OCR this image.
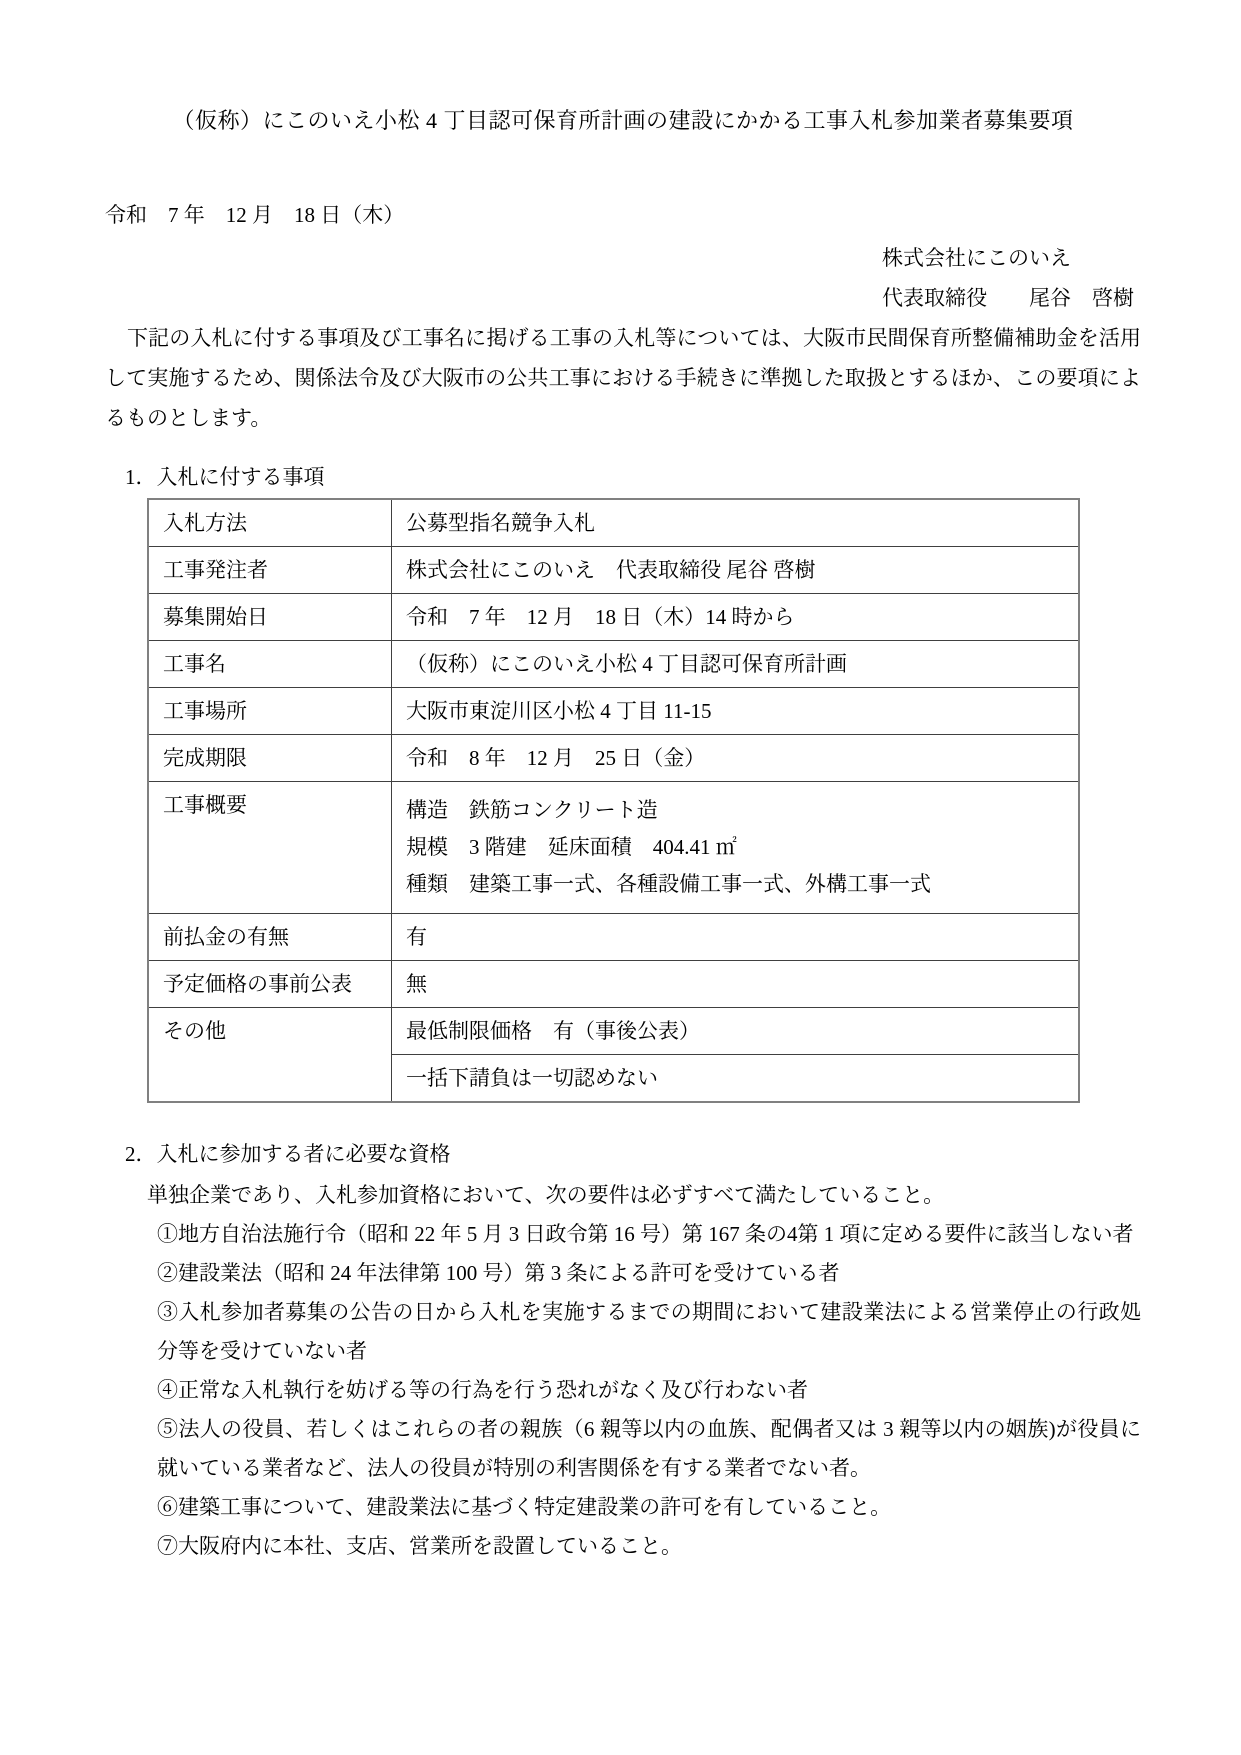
（仮称）にこのいえ小松 4 丁目認可保育所計画の建設にかかる工事入札参加業者募集要項
令和　7 年　12 月　18 日（木）
株式会社にこのいえ
代表取締役　　尾谷　啓樹
下記の入札に付する事項及び工事名に掲げる工事の入札等については、大阪市民間保育所整備補助金を活用して実施するため、関係法令及び大阪市の公共工事における手続きに準拠した取扱とするほか、この要項によるものとします。
1．入札に付する事項
入札方法	公募型指名競争入札
工事発注者	株式会社にこのいえ　代表取締役 尾谷 啓樹
募集開始日	令和　7 年　12 月　18 日（木）14 時から
工事名	（仮称）にこのいえ小松 4 丁目認可保育所計画
工事場所	大阪市東淀川区小松 4 丁目 11-15
完成期限	令和　8 年　12 月　25 日（金）
工事概要	構造　鉄筋コンクリート造
規模　3 階建　延床面積　404.41 ㎡
種類　建築工事一式、各種設備工事一式、外構工事一式

前払金の有無	有
予定価格の事前公表	無
その他	最低制限価格　有（事後公表）
	一括下請負は一切認めない
2．入札に参加する者に必要な資格
単独企業であり、入札参加資格において、次の要件は必ずすべて満たしていること。
①地方自治法施行令（昭和 22 年 5 月 3 日政令第 16 号）第 167 条の4第 1 項に定める要件に該当しない者
②建設業法（昭和 24 年法律第 100 号）第 3 条による許可を受けている者
③入札参加者募集の公告の日から入札を実施するまでの期間において建設業法による営業停止の行政処分等を受けていない者
④正常な入札執行を妨げる等の行為を行う恐れがなく及び行わない者
⑤法人の役員、若しくはこれらの者の親族（6 親等以内の血族、配偶者又は 3 親等以内の姻族)が役員に就いている業者など、法人の役員が特別の利害関係を有する業者でない者。
⑥建築工事について、建設業法に基づく特定建設業の許可を有していること。
⑦大阪府内に本社、支店、営業所を設置していること。
